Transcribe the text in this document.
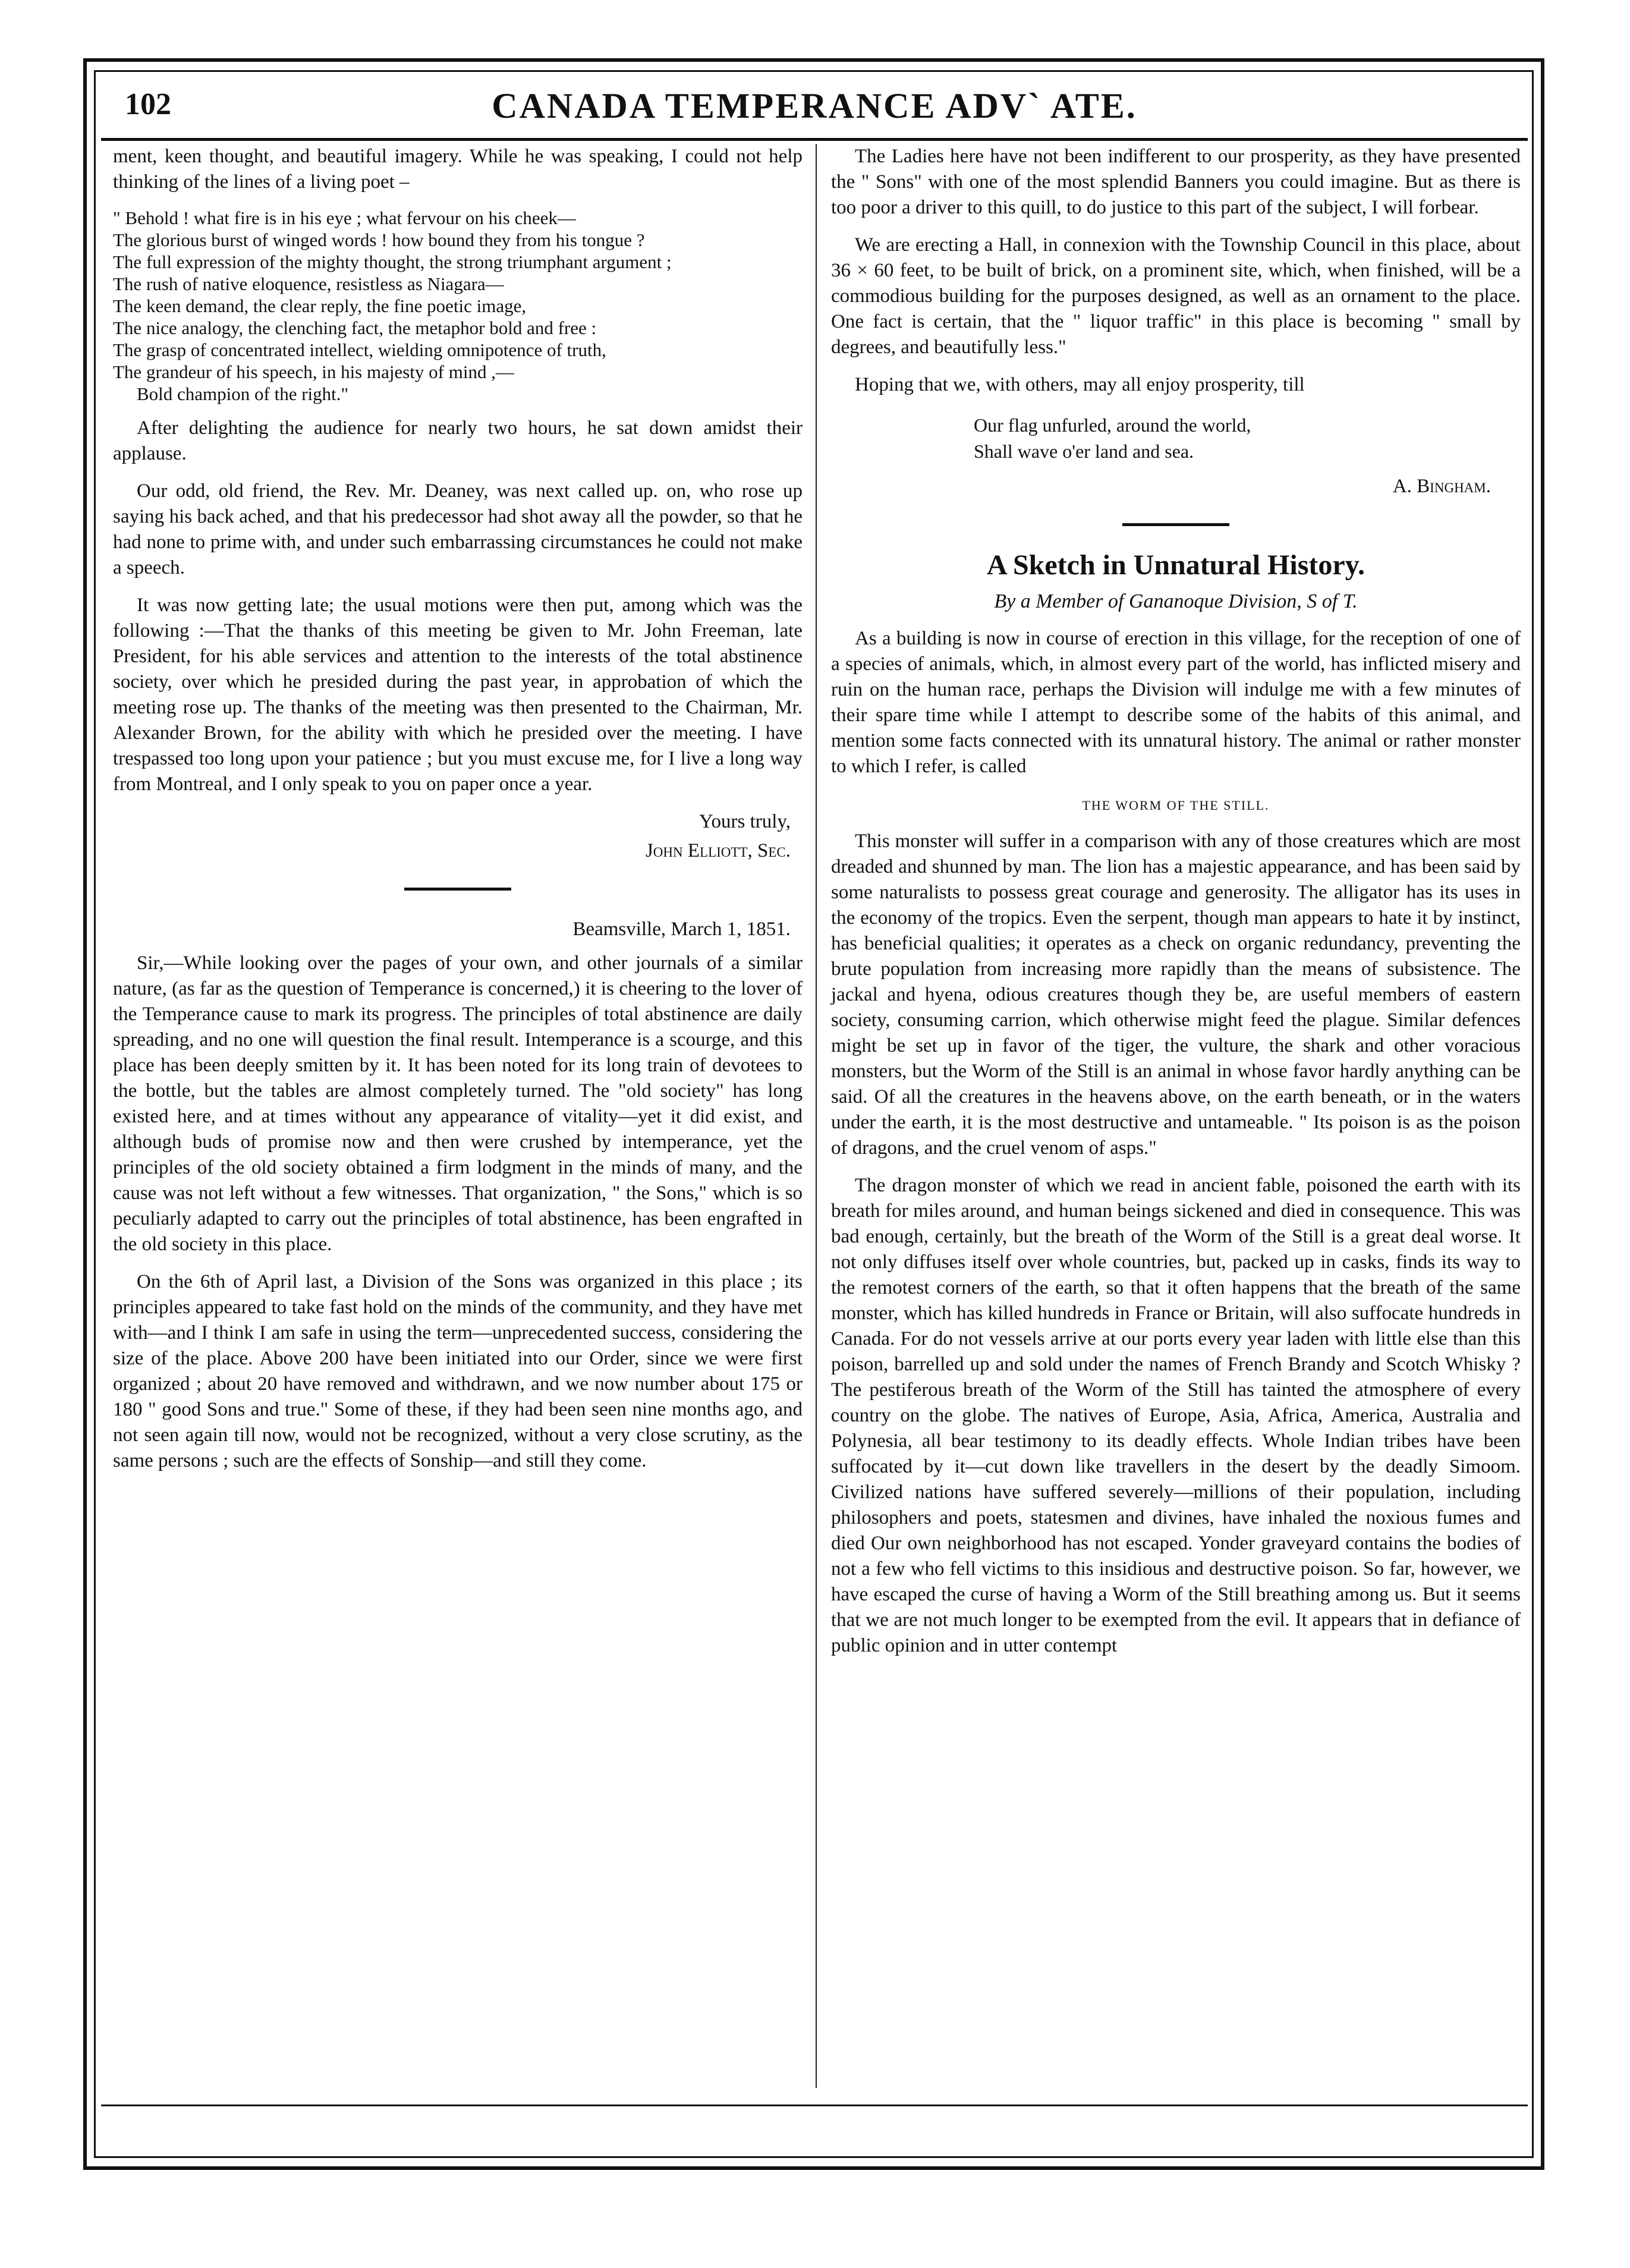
102	CANADA TEMPERANCE ADV` ATE.

ment, keen thought, and beautiful imagery. While he was speaking, I could not help thinking of the lines of a living poet –

" Behold ! what fire is in his eye ; what fervour on his cheek—
The glorious burst of winged words ! how bound they from his tongue ?
The full expression of the mighty thought, the strong triumphant argument ;
The rush of native eloquence, resistless as Niagara—
The keen demand, the clear reply, the fine poetic image,
The nice analogy, the clenching fact, the metaphor bold and free :
The grasp of concentrated intellect, wielding omnipotence of truth,
The grandeur of his speech, in his majesty of mind ,—
Bold champion of the right."

After delighting the audience for nearly two hours, he sat down amidst their applause.

Our odd, old friend, the Rev. Mr. Deaney, was next called up. on, who rose up saying his back ached, and that his predecessor had shot away all the powder, so that he had none to prime with, and under such embarrassing circumstances he could not make a speech.

It was now getting late; the usual motions were then put, among which was the following :—That the thanks of this meeting be given to Mr. John Freeman, late President, for his able services and attention to the interests of the total abstinence society, over which he presided during the past year, in approbation of which the meeting rose up. The thanks of the meeting was then presented to the Chairman, Mr. Alexander Brown, for the ability with which he presided over the meeting. I have trespassed too long upon your patience ; but you must excuse me, for I live a long way from Montreal, and I only speak to you on paper once a year.

Yours truly,
John Elliott, Sec.
Beamsville, March 1, 1851.

Sir,—While looking over the pages of your own, and other journals of a similar nature, (as far as the question of Temperance is concerned,) it is cheering to the lover of the Temperance cause to mark its progress. The principles of total abstinence are daily spreading, and no one will question the final result. Intemperance is a scourge, and this place has been deeply smitten by it. It has been noted for its long train of devotees to the bottle, but the tables are almost completely turned. The "old society" has long existed here, and at times without any appearance of vitality—yet it did exist, and although buds of promise now and then were crushed by intemperance, yet the principles of the old society obtained a firm lodgment in the minds of many, and the cause was not left without a few witnesses. That organization, " the Sons," which is so peculiarly adapted to carry out the principles of total abstinence, has been engrafted in the old society in this place.

On the 6th of April last, a Division of the Sons was organized in this place ; its principles appeared to take fast hold on the minds of the community, and they have met with—and I think I am safe in using the term—unprecedented success, considering the size of the place. Above 200 have been initiated into our Order, since we were first organized ; about 20 have removed and withdrawn, and we now number about 175 or 180 " good Sons and true." Some of these, if they had been seen nine months ago, and not seen again till now, would not be recognized, without a very close scrutiny, as the same persons ; such are the effects of Sonship—and still they come.

The Ladies here have not been indifferent to our prosperity, as they have presented the " Sons" with one of the most splendid Banners you could imagine. But as there is too poor a driver to this quill, to do justice to this part of the subject, I will forbear.

We are erecting a Hall, in connexion with the Township Council in this place, about 36 × 60 feet, to be built of brick, on a prominent site, which, when finished, will be a commodious building for the purposes designed, as well as an ornament to the place. One fact is certain, that the " liquor traffic" in this place is becoming " small by degrees, and beautifully less."

Hoping that we, with others, may all enjoy prosperity, till

Our flag unfurled, around the world,
Shall wave o'er land and sea.
A. Bingham.
A Sketch in Unnatural History.
By a Member of Gananoque Division, S of T.

As a building is now in course of erection in this village, for the reception of one of a species of animals, which, in almost every part of the world, has inflicted misery and ruin on the human race, perhaps the Division will indulge me with a few minutes of their spare time while I attempt to describe some of the habits of this animal, and mention some facts connected with its unnatural history. The animal or rather monster to which I refer, is called

THE WORM OF THE STILL.

This monster will suffer in a comparison with any of those creatures which are most dreaded and shunned by man. The lion has a majestic appearance, and has been said by some naturalists to possess great courage and generosity. The alligator has its uses in the economy of the tropics. Even the serpent, though man appears to hate it by instinct, has beneficial qualities; it operates as a check on organic redundancy, preventing the brute population from increasing more rapidly than the means of subsistence. The jackal and hyena, odious creatures though they be, are useful members of eastern society, consuming carrion, which otherwise might feed the plague. Similar defences might be set up in favor of the tiger, the vulture, the shark and other voracious monsters, but the Worm of the Still is an animal in whose favor hardly anything can be said. Of all the creatures in the heavens above, on the earth beneath, or in the waters under the earth, it is the most destructive and untameable. " Its poison is as the poison of dragons, and the cruel venom of asps."

The dragon monster of which we read in ancient fable, poisoned the earth with its breath for miles around, and human beings sickened and died in consequence. This was bad enough, certainly, but the breath of the Worm of the Still is a great deal worse. It not only diffuses itself over whole countries, but, packed up in casks, finds its way to the remotest corners of the earth, so that it often happens that the breath of the same monster, which has killed hundreds in France or Britain, will also suffocate hundreds in Canada. For do not vessels arrive at our ports every year laden with little else than this poison, barrelled up and sold under the names of French Brandy and Scotch Whisky ? The pestiferous breath of the Worm of the Still has tainted the atmosphere of every country on the globe. The natives of Europe, Asia, Africa, America, Australia and Polynesia, all bear testimony to its deadly effects. Whole Indian tribes have been suffocated by it—cut down like travellers in the desert by the deadly Simoom. Civilized nations have suffered severely—millions of their population, including philosophers and poets, statesmen and divines, have inhaled the noxious fumes and died Our own neighborhood has not escaped. Yonder graveyard contains the bodies of not a few who fell victims to this insidious and destructive poison. So far, however, we have escaped the curse of having a Worm of the Still breathing among us. But it seems that we are not much longer to be exempted from the evil. It appears that in defiance of public opinion and in utter contempt
